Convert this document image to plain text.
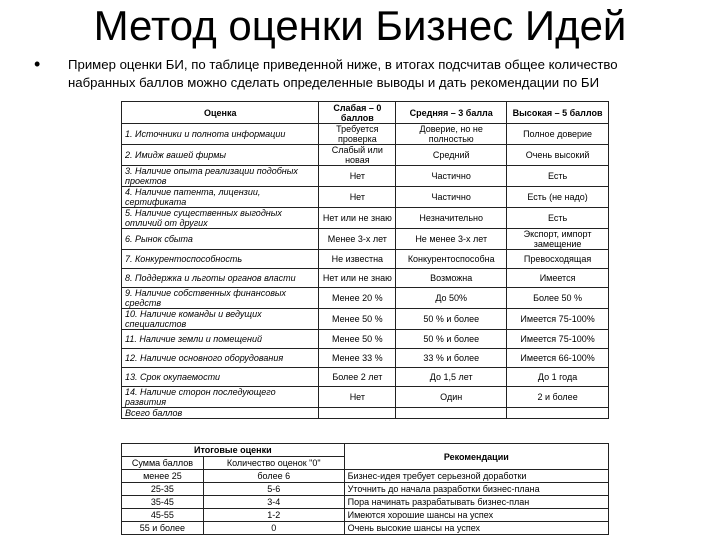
Метод оценки Бизнес Идей
• Пример оценки БИ, по таблице приведенной ниже, в итогах подсчитав общее количество набранных баллов можно сделать определенные выводы и дать рекомендации по БИ
Оценка	Слабая – 0 баллов	Средняя – 3 балла	Высокая – 5 баллов
1. Источники и полнота информации	Требуется проверка	Доверие, но не полностью	Полное доверие
2. Имидж вашей фирмы	Слабый или новая	Средний	Очень высокий
3. Наличие опыта реализации подобных проектов	Нет	Частично	Есть
4. Наличие патента, лицензии, сертификата	Нет	Частично	Есть (не надо)
5. Наличие существенных выгодных отличий от других	Нет или не знаю	Незначительно	Есть
6. Рынок сбыта	Менее 3-х лет	Не менее 3-х лет	Экспорт, импорт замещение
7. Конкурентоспособность	Не известна	Конкурентоспособна	Превосходящая
8. Поддержка и льготы органов власти	Нет или не знаю	Возможна	Имеется
9. Наличие собственных финансовых средств	Менее 20 %	До 50%	Более 50 %
10. Наличие команды и ведущих специалистов	Менее 50 %	50 % и более	Имеется 75-100%
11. Наличие земли и помещений	Менее 50 %	50 % и более	Имеется 75-100%
12. Наличие основного оборудования	Менее 33 %	33 % и более	Имеется 66-100%
13. Срок окупаемости	Более 2 лет	До 1,5 лет	До 1 года
14. Наличие сторон последующего развития	Нет	Один	2 и более
Всего баллов			
Итоговые оценки		Рекомендации
Сумма баллов	Количество оценок "0"	
менее 25	более 6	Бизнес-идея требует серьезной доработки
25-35	5-6	Уточнить до начала разработки бизнес-плана
35-45	3-4	Пора начинать разрабатывать бизнес-план
45-55	1-2	Имеются хорошие шансы на успех
55 и более	0	Очень высокие шансы на успех
